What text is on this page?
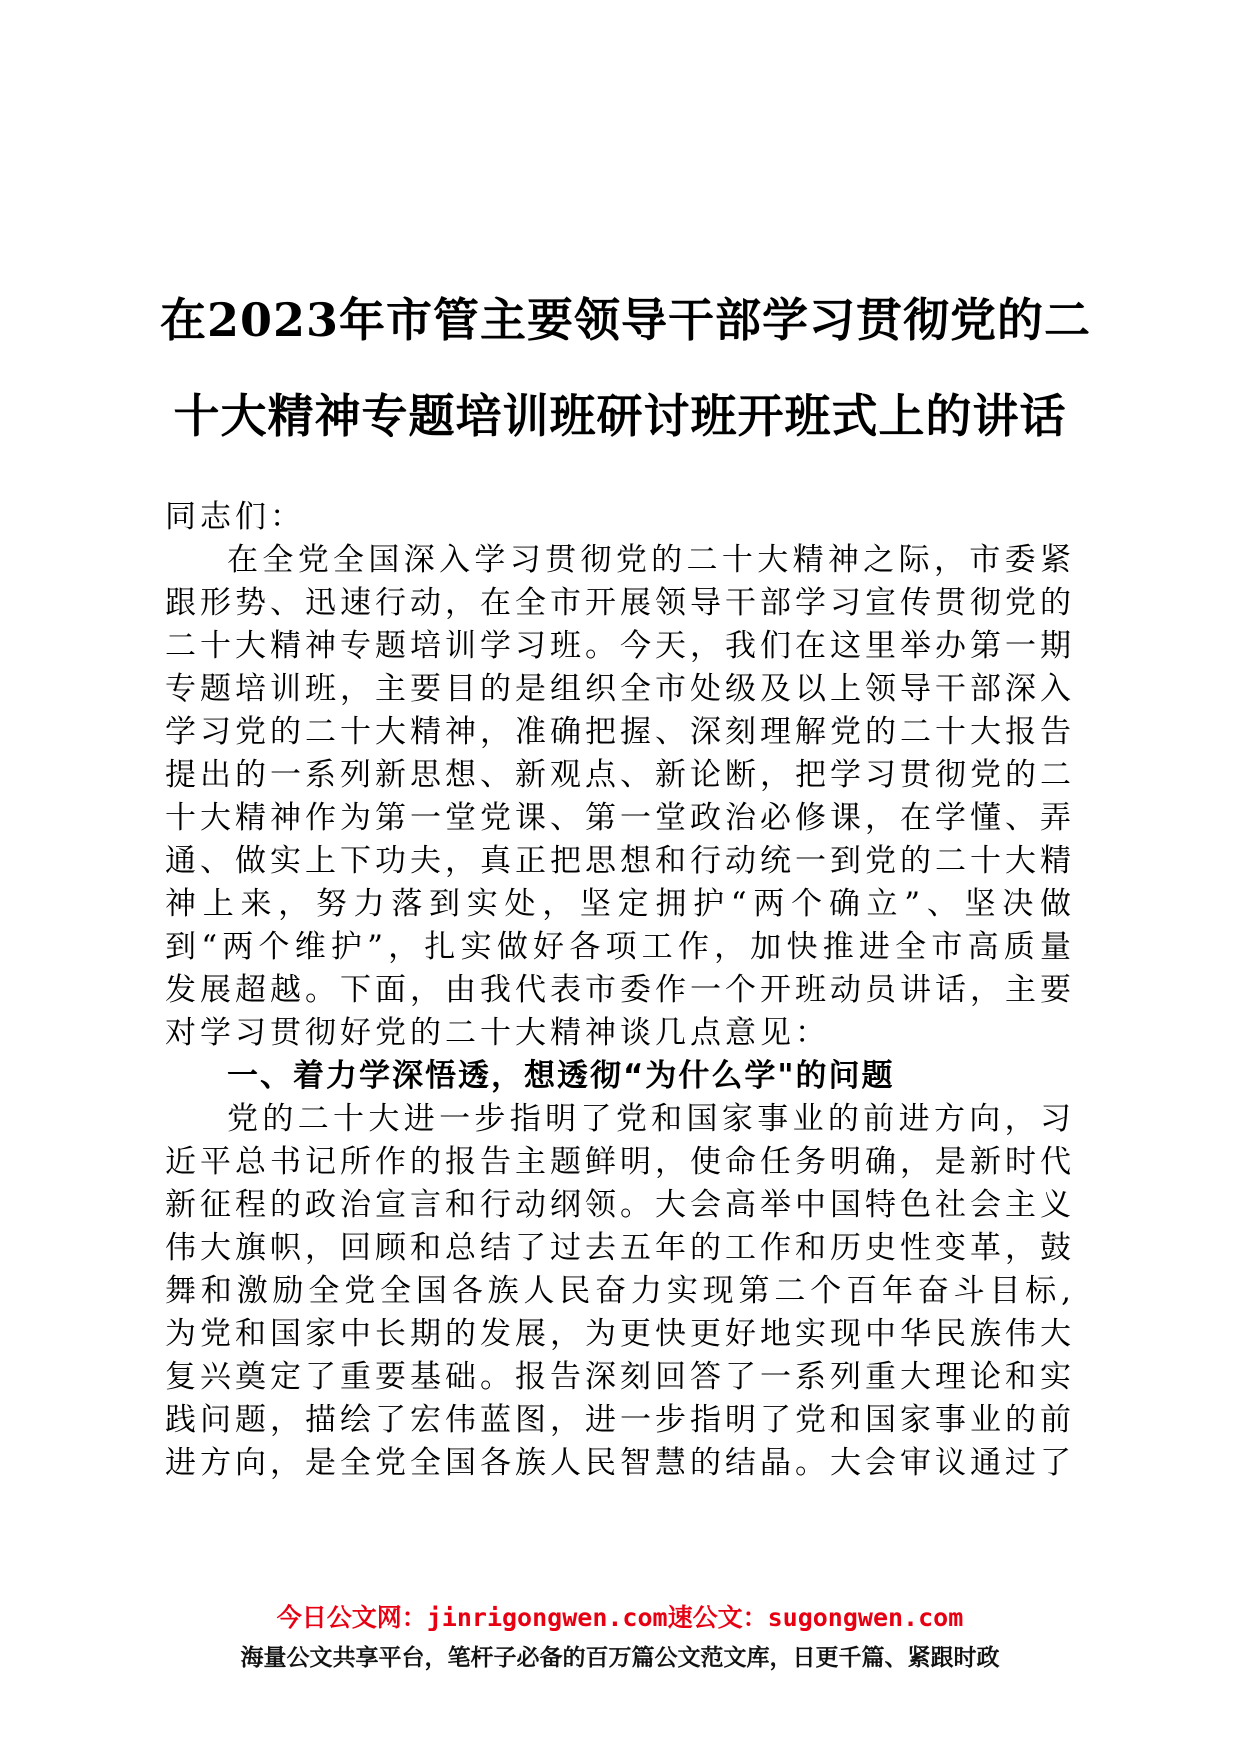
在2023年市管主要领导干部学习贯彻党的二
十大精神专题培训班研讨班开班式上的讲话

同志们：

在全党全国深入学习贯彻党的二十大精神之际，市委紧跟形势、迅速行动，在全市开展领导干部学习宣传贯彻党的二十大精神专题培训学习班。今天，我们在这里举办第一期专题培训班，主要目的是组织全市处级及以上领导干部深入学习党的二十大精神，准确把握、深刻理解党的二十大报告提出的一系列新思想、新观点、新论断，把学习贯彻党的二十大精神作为第一堂党课、第一堂政治必修课，在学懂、弄通、做实上下功夫，真正把思想和行动统一到党的二十大精神上来，努力落到实处，坚定拥护“两个确立”、坚决做到“两个维护”，扎实做好各项工作，加快推进全市高质量发展超越。下面，由我代表市委作一个开班动员讲话，主要对学习贯彻好党的二十大精神谈几点意见：

一、着力学深悟透，想透彻“为什么学"的问题

党的二十大进一步指明了党和国家事业的前进方向，习近平总书记所作的报告主题鲜明，使命任务明确，是新时代新征程的政治宣言和行动纲领。大会高举中国特色社会主义伟大旗帜，回顾和总结了过去五年的工作和历史性变革，鼓舞和激励全党全国各族人民奋力实现第二个百年奋斗目标,为党和国家中长期的发展，为更快更好地实现中华民族伟大复兴奠定了重要基础。报告深刻回答了一系列重大理论和实践问题，描绘了宏伟蓝图，进一步指明了党和国家事业的前进方向，是全党全国各族人民智慧的结晶。大会审议通过了

今日公文网：jinrigongwen.com速公文：sugongwen.com
海量公文共享平台，笔杆子必备的百万篇公文范文库，日更千篇、紧跟时政
